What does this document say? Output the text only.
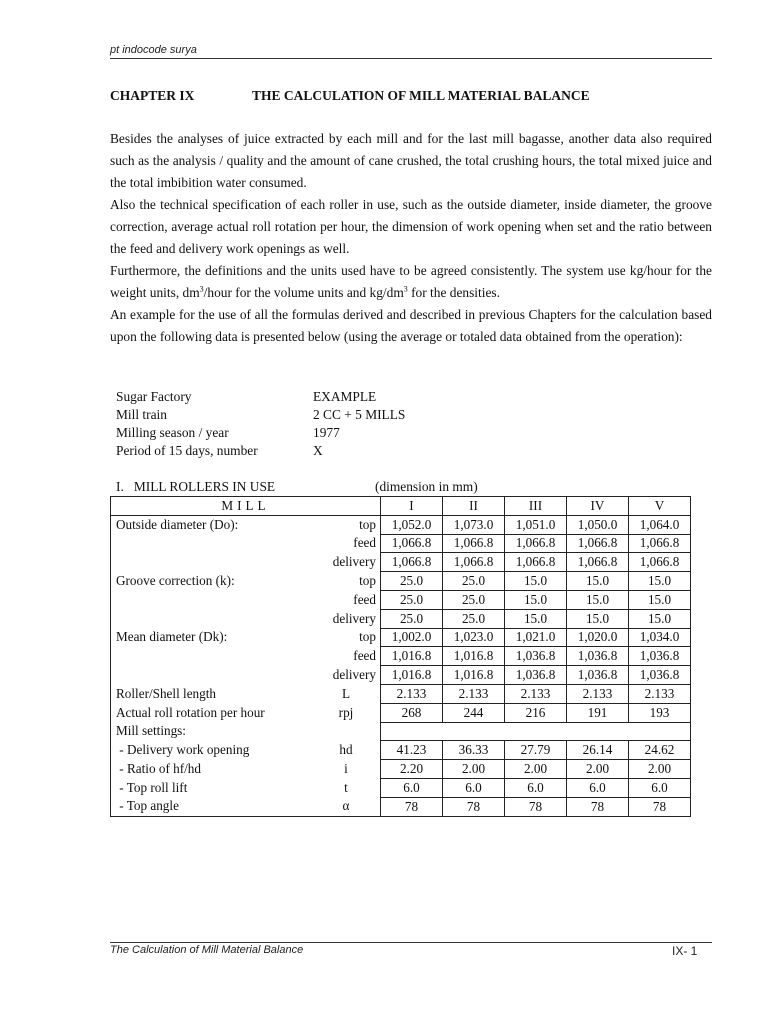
pt indocode surya
CHAPTER IX	THE CALCULATION OF MILL MATERIAL BALANCE

Besides the analyses of juice extracted by each mill and for the last mill bagasse, another data also required such as the analysis / quality and the amount of cane crushed, the total crushing hours, the total mixed juice and the total imbibition water consumed.

Also the technical specification of each roller in use, such as the outside diameter, inside diameter, the groove correction, average actual roll rotation per hour, the dimension of work opening when set and the ratio between the feed and delivery work openings as well.

Furthermore, the definitions and the units used have to be agreed consistently. The system use kg/hour for the weight units, $dm^3$/hour for the volume units and $kg/dm^3$ for the densities.

An example for the use of all the formulas derived and described in previous Chapters for the calculation based upon the following data is presented below (using the average or totaled data obtained from the operation):

Sugar Factory	EXAMPLE
Mill train	2 CC + 5 MILLS
Milling season / year	1977
Period of 15 days, number	X
I.   MILL ROLLERS IN USE	(dimension in mm)
MILL		I	II	III	IV	V
Outside diameter (Do):	top	1,052.0	1,073.0	1,051.0	1,050.0	1,064.0
	feed	1,066.8	1,066.8	1,066.8	1,066.8	1,066.8
	delivery	1,066.8	1,066.8	1,066.8	1,066.8	1,066.8
Groove correction (k):	top	25.0	25.0	15.0	15.0	15.0
	feed	25.0	25.0	15.0	15.0	15.0
	delivery	25.0	25.0	15.0	15.0	15.0
Mean diameter (Dk):	top	1,002.0	1,023.0	1,021.0	1,020.0	1,034.0
	feed	1,016.8	1,016.8	1,036.8	1,036.8	1,036.8
	delivery	1,016.8	1,016.8	1,036.8	1,036.8	1,036.8
Roller/Shell length	L	2.133	2.133	2.133	2.133	2.133
Actual roll rotation per hour	rpj	268	244	216	191	193
Mill settings:						
- Delivery work opening	hd	41.23	36.33	27.79	26.14	24.62
- Ratio of hf/hd	i	2.20	2.00	2.00	2.00	2.00
- Top roll lift	t	6.0	6.0	6.0	6.0	6.0
- Top angle	α	78	78	78	78	78
The Calculation of Mill Material Balance	IX- 1
